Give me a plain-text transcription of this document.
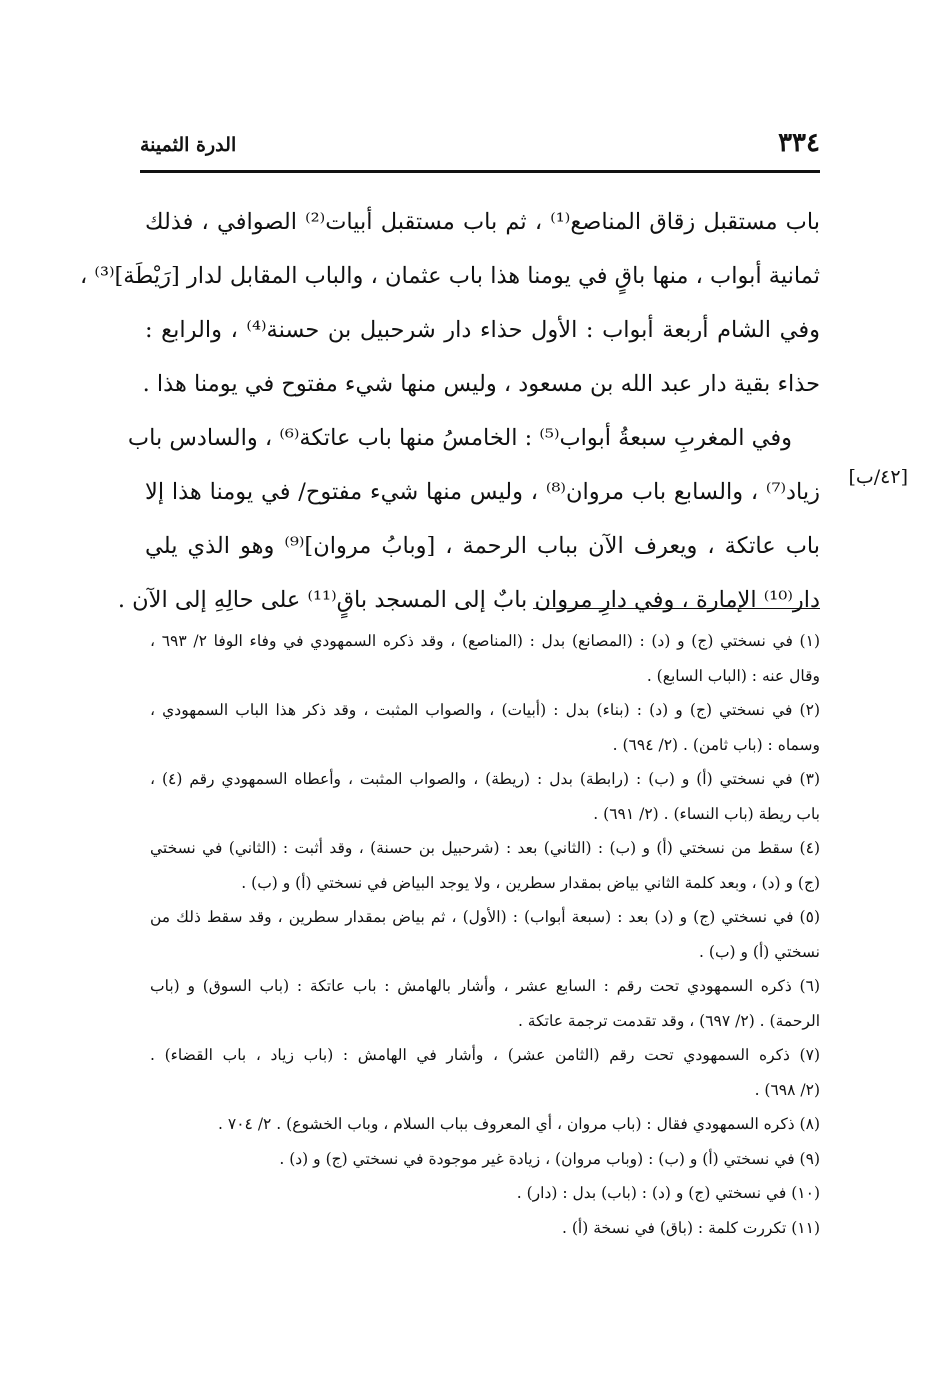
٣٣٤
الدرة الثمينة
باب مستقبل زقاق المناصع⁽¹⁾ ، ثم باب مستقبل أبيات⁽²⁾ الصوافي ، فذلك
ثمانية أبواب ، منها باقٍ في يومنا هذا باب عثمان ، والباب المقابل لدار [رَيْطَة]⁽³⁾ ،
وفي الشام أربعة أبواب : الأول حذاء دار شرحبيل بن حسنة⁽⁴⁾ ، والرابع :
حذاء بقية دار عبد الله بن مسعود ، وليس منها شيء مفتوح في يومنا هذا .
وفي المغربِ سبعةُ أبواب⁽⁵⁾ : الخامسُ منها باب عاتكة⁽⁶⁾ ، والسادس باب
زياد⁽⁷⁾ ، والسابع باب مروان⁽⁸⁾ ، وليس منها شيء مفتوح/ في يومنا هذا إلا
باب عاتكة ، ويعرف الآن بباب الرحمة ، [وبابُ مروان]⁽⁹⁾ وهو الذي يلي
دار⁽¹⁰⁾ الإمارة ، وفي دارِ مروان بابٌ إلى المسجد باقٍ⁽¹¹⁾ على حالِهِ إلى الآن .
[٤٢/ب]
(١) في نسختي (ج) و (د) : (المصانع) بدل : (المناصع) ، وقد ذكره السمهودي في وفاء الوفا ٢/ ٦٩٣ ،
وقال عنه : (الباب السابع) .
(٢) في نسختي (ج) و (د) : (بناء) بدل : (أبيات) ، والصواب المثبت ، وقد ذكر هذا الباب السمهودي ،
وسماه : (باب ثامن) . (٢/ ٦٩٤) .
(٣) في نسختي (أ) و (ب) : (رابطة) بدل : (ريطة) ، والصواب المثبت ، وأعطاه السمهودي رقم (٤) ،
باب ريطة (باب النساء) . (٢/ ٦٩١) .
(٤) سقط من نسختي (أ) و (ب) : (الثاني) بعد : (شرحبيل بن حسنة) ، وقد أثبت : (الثاني) في نسختي
(ج) و (د) ، وبعد كلمة الثاني بياض بمقدار سطرين ، ولا يوجد البياض في نسختي (أ) و (ب) .
(٥) في نسختي (ج) و (د) بعد : (سبعة أبواب) : (الأول) ، ثم بياض بمقدار سطرين ، وقد سقط ذلك من
نسختي (أ) و (ب) .
(٦) ذكره السمهودي تحت رقم : السابع عشر ، وأشار بالهامش : باب عاتكة : (باب السوق) و (باب
الرحمة) . (٢/ ٦٩٧) ، وقد تقدمت ترجمة عاتكة .
(٧) ذكره السمهودي تحت رقم (الثامن عشر) ، وأشار في الهامش : (باب زياد ، باب القضاء) .
(٢/ ٦٩٨) .
(٨) ذكره السمهودي فقال : (باب مروان ، أي المعروف بباب السلام ، وباب الخشوع) . ٢/ ٧٠٤ .
(٩) في نسختي (أ) و (ب) : (وباب مروان) ، زيادة غير موجودة في نسختي (ج) و (د) .
(١٠) في نسختي (ج) و (د) : (باب) بدل : (دار) .
(١١) تكررت كلمة : (باق) في نسخة (أ) .
